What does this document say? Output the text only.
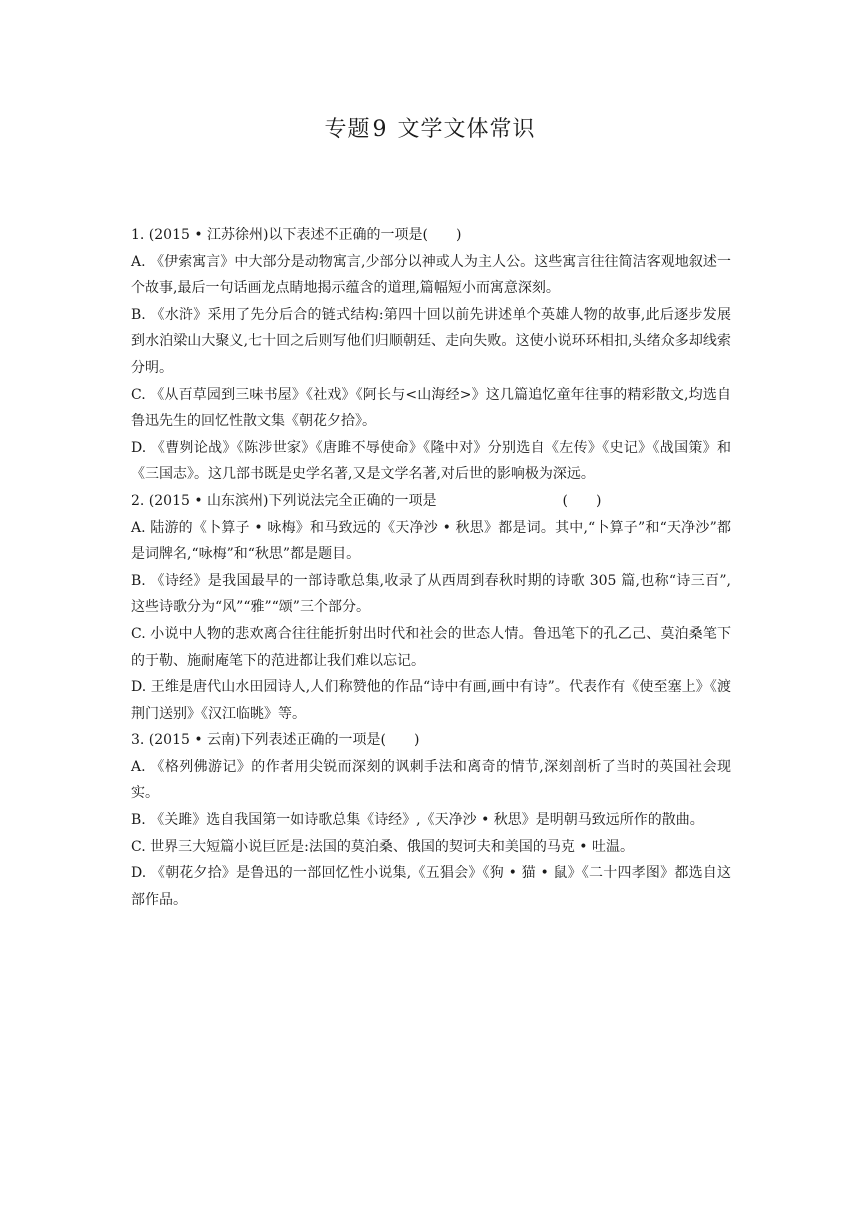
专题9 文学文体常识
1. (2015 • 江苏徐州)以下表述不正确的一项是(　　)
A. 《伊索寓言》中大部分是动物寓言,少部分以神或人为主人公。这些寓言往往简洁客观地叙述一个故事,最后一句话画龙点睛地揭示蕴含的道理,篇幅短小而寓意深刻。
B. 《水浒》采用了先分后合的链式结构:第四十回以前先讲述单个英雄人物的故事,此后逐步发展到水泊梁山大聚义,七十回之后则写他们归顺朝廷、走向失败。这使小说环环相扣,头绪众多却线索分明。
C. 《从百草园到三味书屋》《社戏》《阿长与<山海经>》这几篇追忆童年往事的精彩散文,均选自鲁迅先生的回忆性散文集《朝花夕拾》。
D. 《曹刿论战》《陈涉世家》《唐雎不辱使命》《隆中对》分别选自《左传》《史记》《战国策》和《三国志》。这几部书既是史学名著,又是文学名著,对后世的影响极为深远。
2. (2015 • 山东滨州)下列说法完全正确的一项是　　　　　　　　　(　　)
A. 陆游的《卜算子 • 咏梅》和马致远的《天净沙 • 秋思》都是词。其中,“卜算子”和“天净沙”都是词牌名,“咏梅”和“秋思”都是题目。
B. 《诗经》是我国最早的一部诗歌总集,收录了从西周到春秋时期的诗歌 305 篇,也称“诗三百”,这些诗歌分为“风”“雅”“颂”三个部分。
C. 小说中人物的悲欢离合往往能折射出时代和社会的世态人情。鲁迅笔下的孔乙己、莫泊桑笔下的于勒、施耐庵笔下的范进都让我们难以忘记。
D. 王维是唐代山水田园诗人,人们称赞他的作品“诗中有画,画中有诗”。代表作有《使至塞上》《渡荆门送别》《汉江临眺》等。
3. (2015 • 云南)下列表述正确的一项是(　　)
A. 《格列佛游记》的作者用尖锐而深刻的讽刺手法和离奇的情节,深刻剖析了当时的英国社会现实。
B. 《关雎》选自我国第一如诗歌总集《诗经》,《天净沙 • 秋思》是明朝马致远所作的散曲。
C. 世界三大短篇小说巨匠是:法国的莫泊桑、俄国的契诃夫和美国的马克 • 吐温。
D. 《朝花夕拾》是鲁迅的一部回忆性小说集,《五猖会》《狗 • 猫 • 鼠》《二十四孝图》都选自这部作品。
